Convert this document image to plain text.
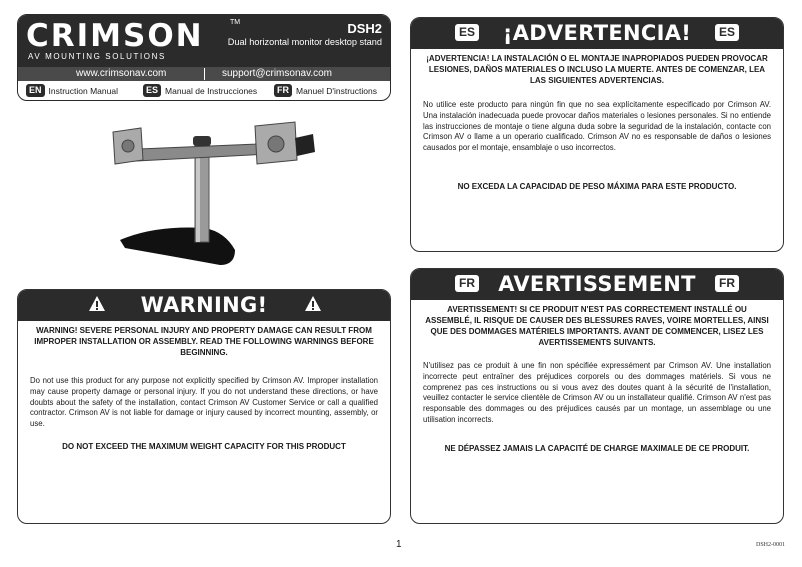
CRIMSON	TM
AV MOUNTING SOLUTIONS
DSH2
Dual horizontal monitor desktop stand
www.crimsonav.com	support@crimsonav.com
EN Instruction Manual	ES Manual de Instrucciones	FR Manuel D'instructions
WARNING!
WARNING! SEVERE PERSONAL INJURY AND PROPERTY DAMAGE CAN RESULT FROM IMPROPER INSTALLATION OR ASSEMBLY. READ THE FOLLOWING WARNINGS BEFORE BEGINNING.
Do not use this product for any purpose not explicitly specified by Crimson AV. Improper installation may cause property damage or personal injury. If you do not understand these directions, or have doubts about the safety of the installation, contact Crimson AV Customer Service or call a qualified contractor. Crimson AV is not liable for damage or injury caused by incorrect mounting, assembly, or use.
DO NOT EXCEED THE MAXIMUM WEIGHT CAPACITY FOR THIS PRODUCT
ES	¡ADVERTENCIA!	ES
¡ADVERTENCIA! LA INSTALACIÓN O EL MONTAJE INAPROPIADOS PUEDEN PROVOCAR LESIONES, DAÑOS MATERIALES O INCLUSO LA MUERTE. ANTES DE COMENZAR, LEA LAS SIGUIENTES ADVERTENCIAS.
No utilice este producto para ningún fin que no sea explícitamente especificado por Crimson AV. Una instalación inadecuada puede provocar daños materiales o lesiones personales. Si no entiende las instrucciones de montaje o tiene alguna duda sobre la seguridad de la instalación, contacte con Crimson AV o llame a un operario cualificado. Crimson AV no es responsable de daños o lesiones causados por el montaje, ensamblaje o uso incorrectos.
NO EXCEDA LA CAPACIDAD DE PESO MÁXIMA PARA ESTE PRODUCTO.
FR	AVERTISSEMENT	FR
AVERTISSEMENT! SI CE PRODUIT N'EST PAS CORRECTEMENT INSTALLÉ OU ASSEMBLÉ, IL RISQUE DE CAUSER DES BLESSURES RAVES, VOIRE MORTELLES, AINSI QUE DES DOMMAGES MATÉRIELS IMPORTANTS. AVANT DE COMMENCER, LISEZ LES AVERTISSEMENTS SUIVANTS.
N'utilisez pas ce produit à une fin non spécifiée expressément par Crimson AV. Une installation incorrecte peut entraîner des préjudices corporels ou des dommages matériels. Si vous ne comprenez pas ces instructions ou si vous avez des doutes quant à la sécurité de l'installation, veuillez contacter le service clientèle de Crimson AV ou un installateur qualifié. Crimson AV n'est pas responsable des dommages ou des préjudices causés par un montage, un assemblage ou une utilisation incorrects.
NE DÉPASSEZ JAMAIS LA CAPACITÉ DE CHARGE MAXIMALE DE CE PRODUIT.
1	DSH2-0001
